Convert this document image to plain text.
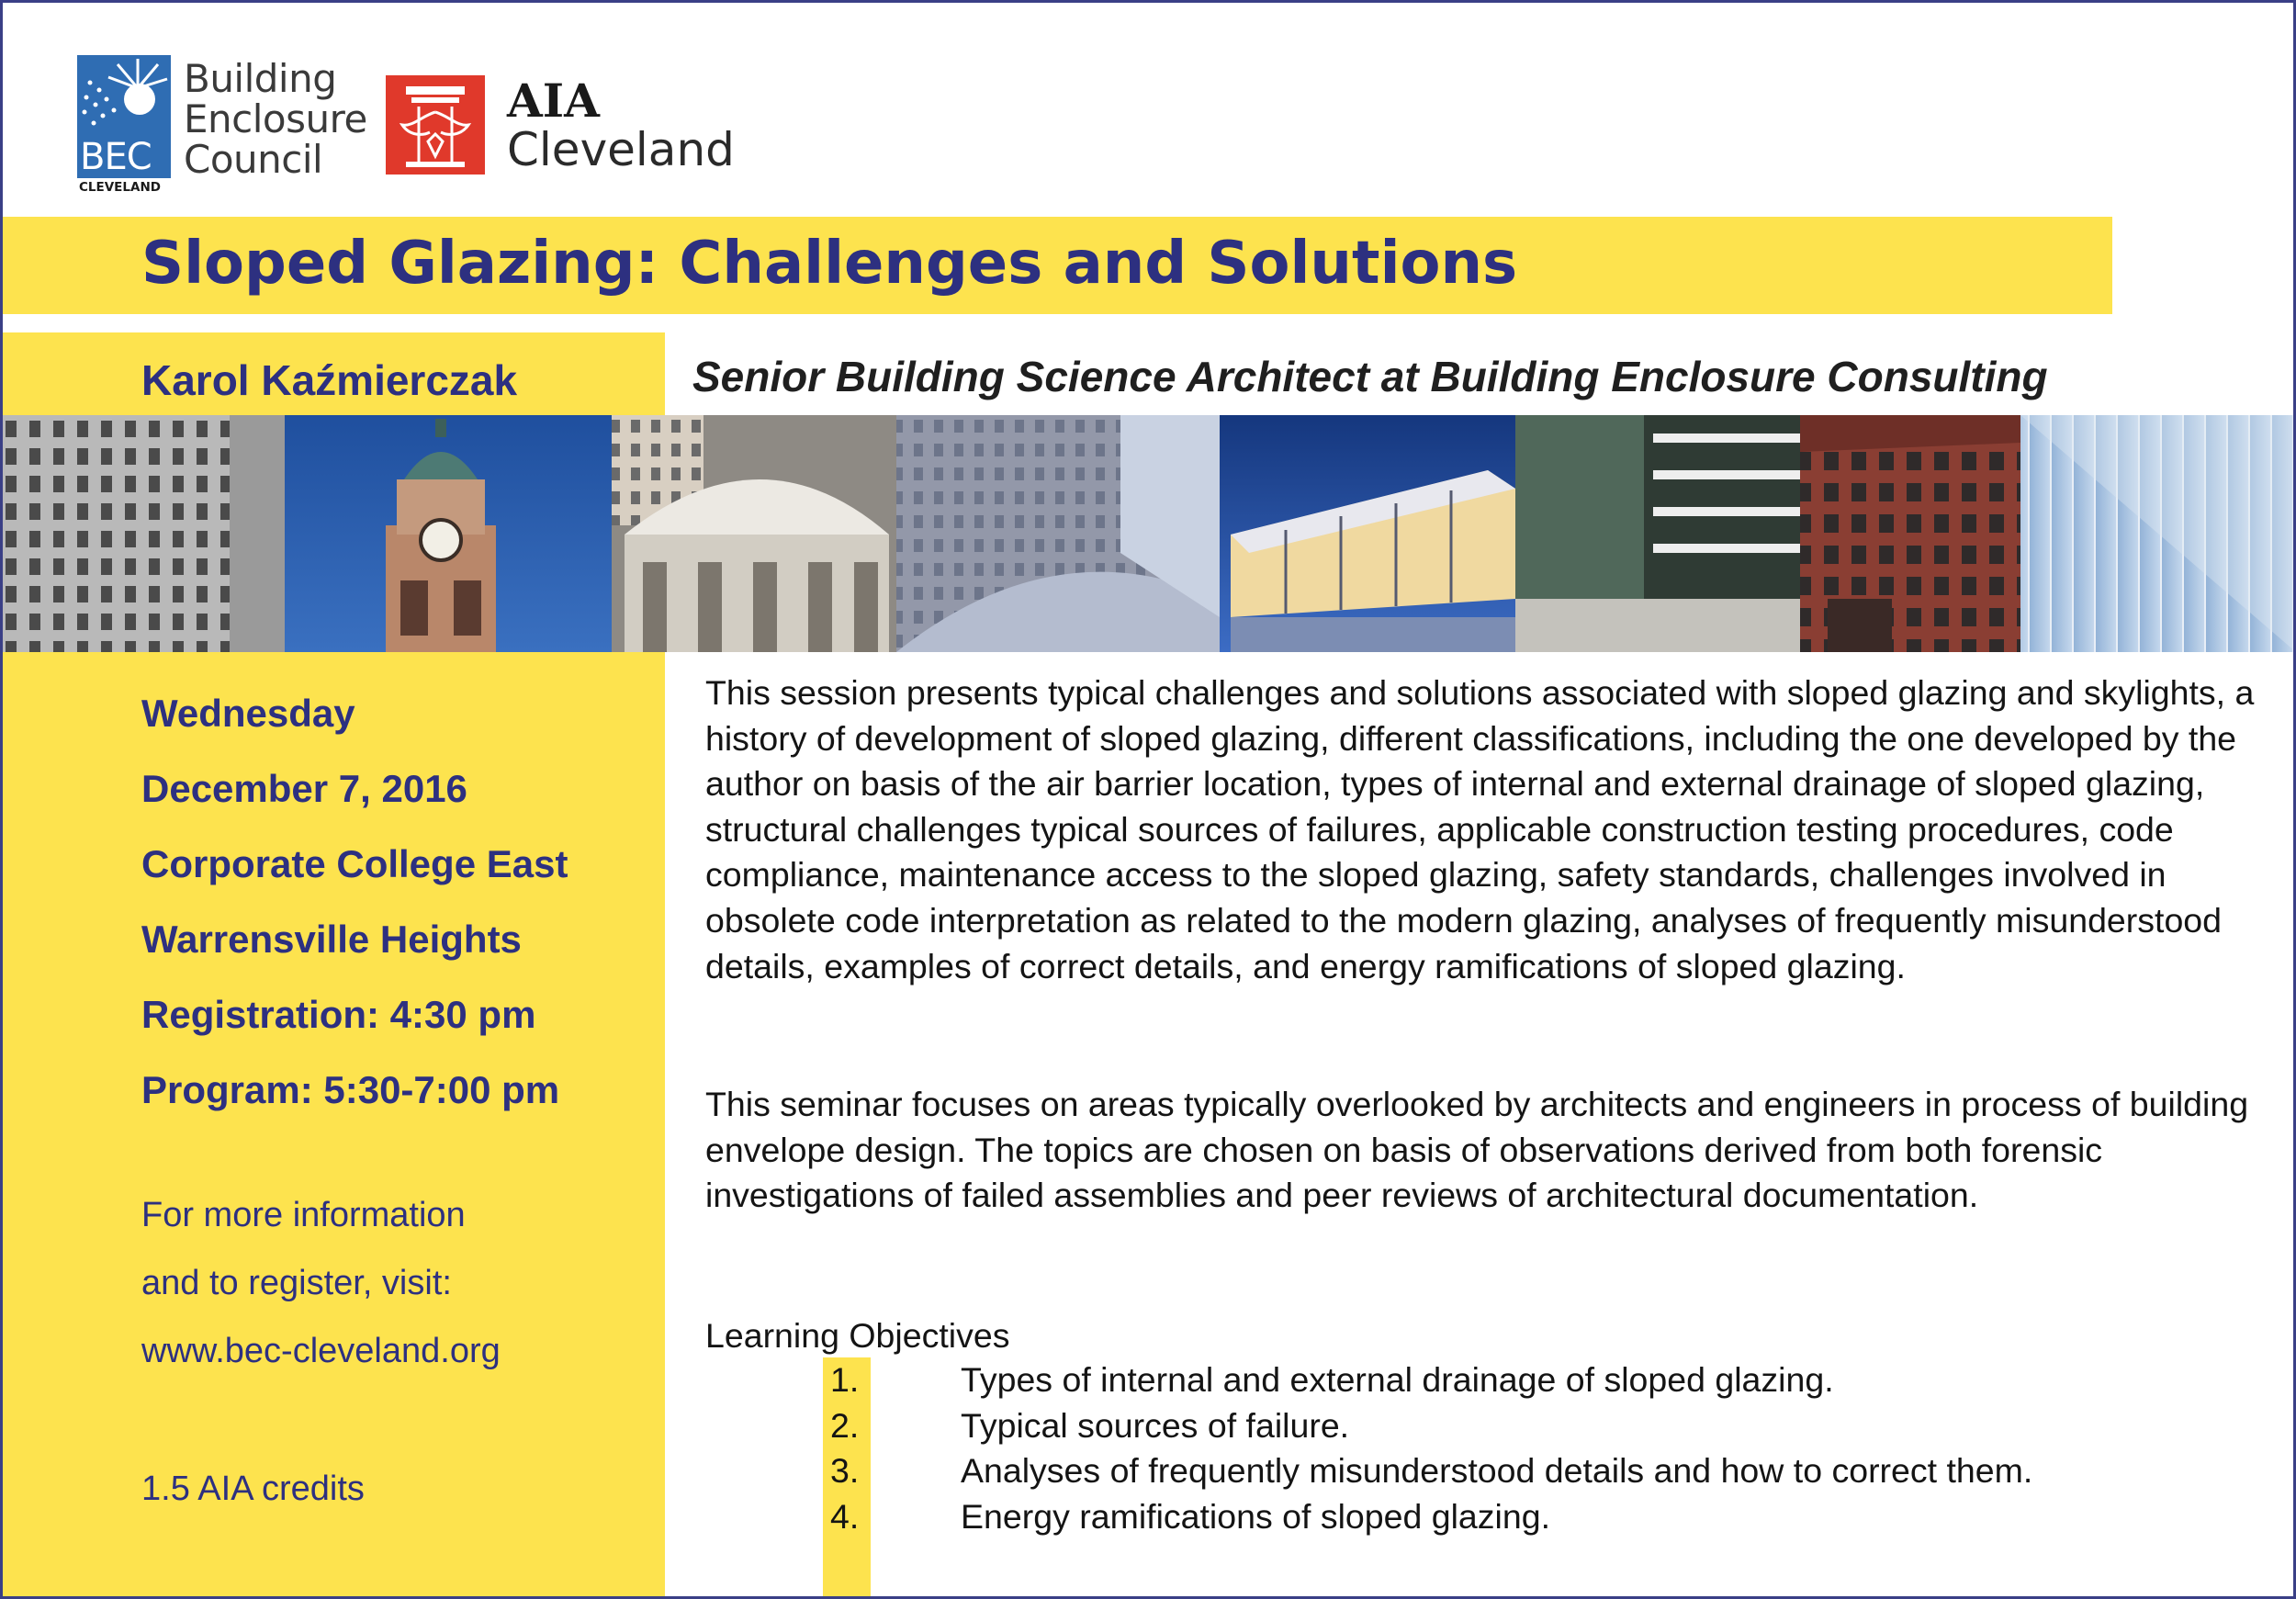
BEC
CLEVELAND
Building
Enclosure
Council
AIA
Cleveland
Sloped Glazing: Challenges and Solutions
Karol Kaźmierczak	Senior Building Science Architect at Building Enclosure Consulting
Wednesday
December 7, 2016
Corporate College East
Warrensville Heights
Registration: 4:30 pm
Program: 5:30-7:00 pm
For more information
and to register, visit:
www.bec-cleveland.org
1.5 AIA credits

This session presents typical challenges and solutions associated with sloped glazing and skylights, a history of development of sloped glazing, different classifications, including the one developed by the author on basis of the air barrier location, types of internal and external drainage of sloped glazing, structural challenges typical sources of failures, applicable construction testing procedures, code compliance, maintenance access to the sloped glazing, safety standards, challenges involved in obsolete code interpretation as related to the modern glazing, analyses of frequently misunderstood details, examples of correct details, and energy ramifications of sloped glazing.

This seminar focuses on areas typically overlooked by architects and engineers in process of building envelope design. The topics are chosen on basis of observations derived from both forensic investigations of failed assemblies and peer reviews of architectural documentation.

Learning Objectives
1.	Types of internal and external drainage of sloped glazing.
2.	Typical sources of failure.
3.	Analyses of frequently misunderstood details and how to correct them.
4.	Energy ramifications of sloped glazing.
